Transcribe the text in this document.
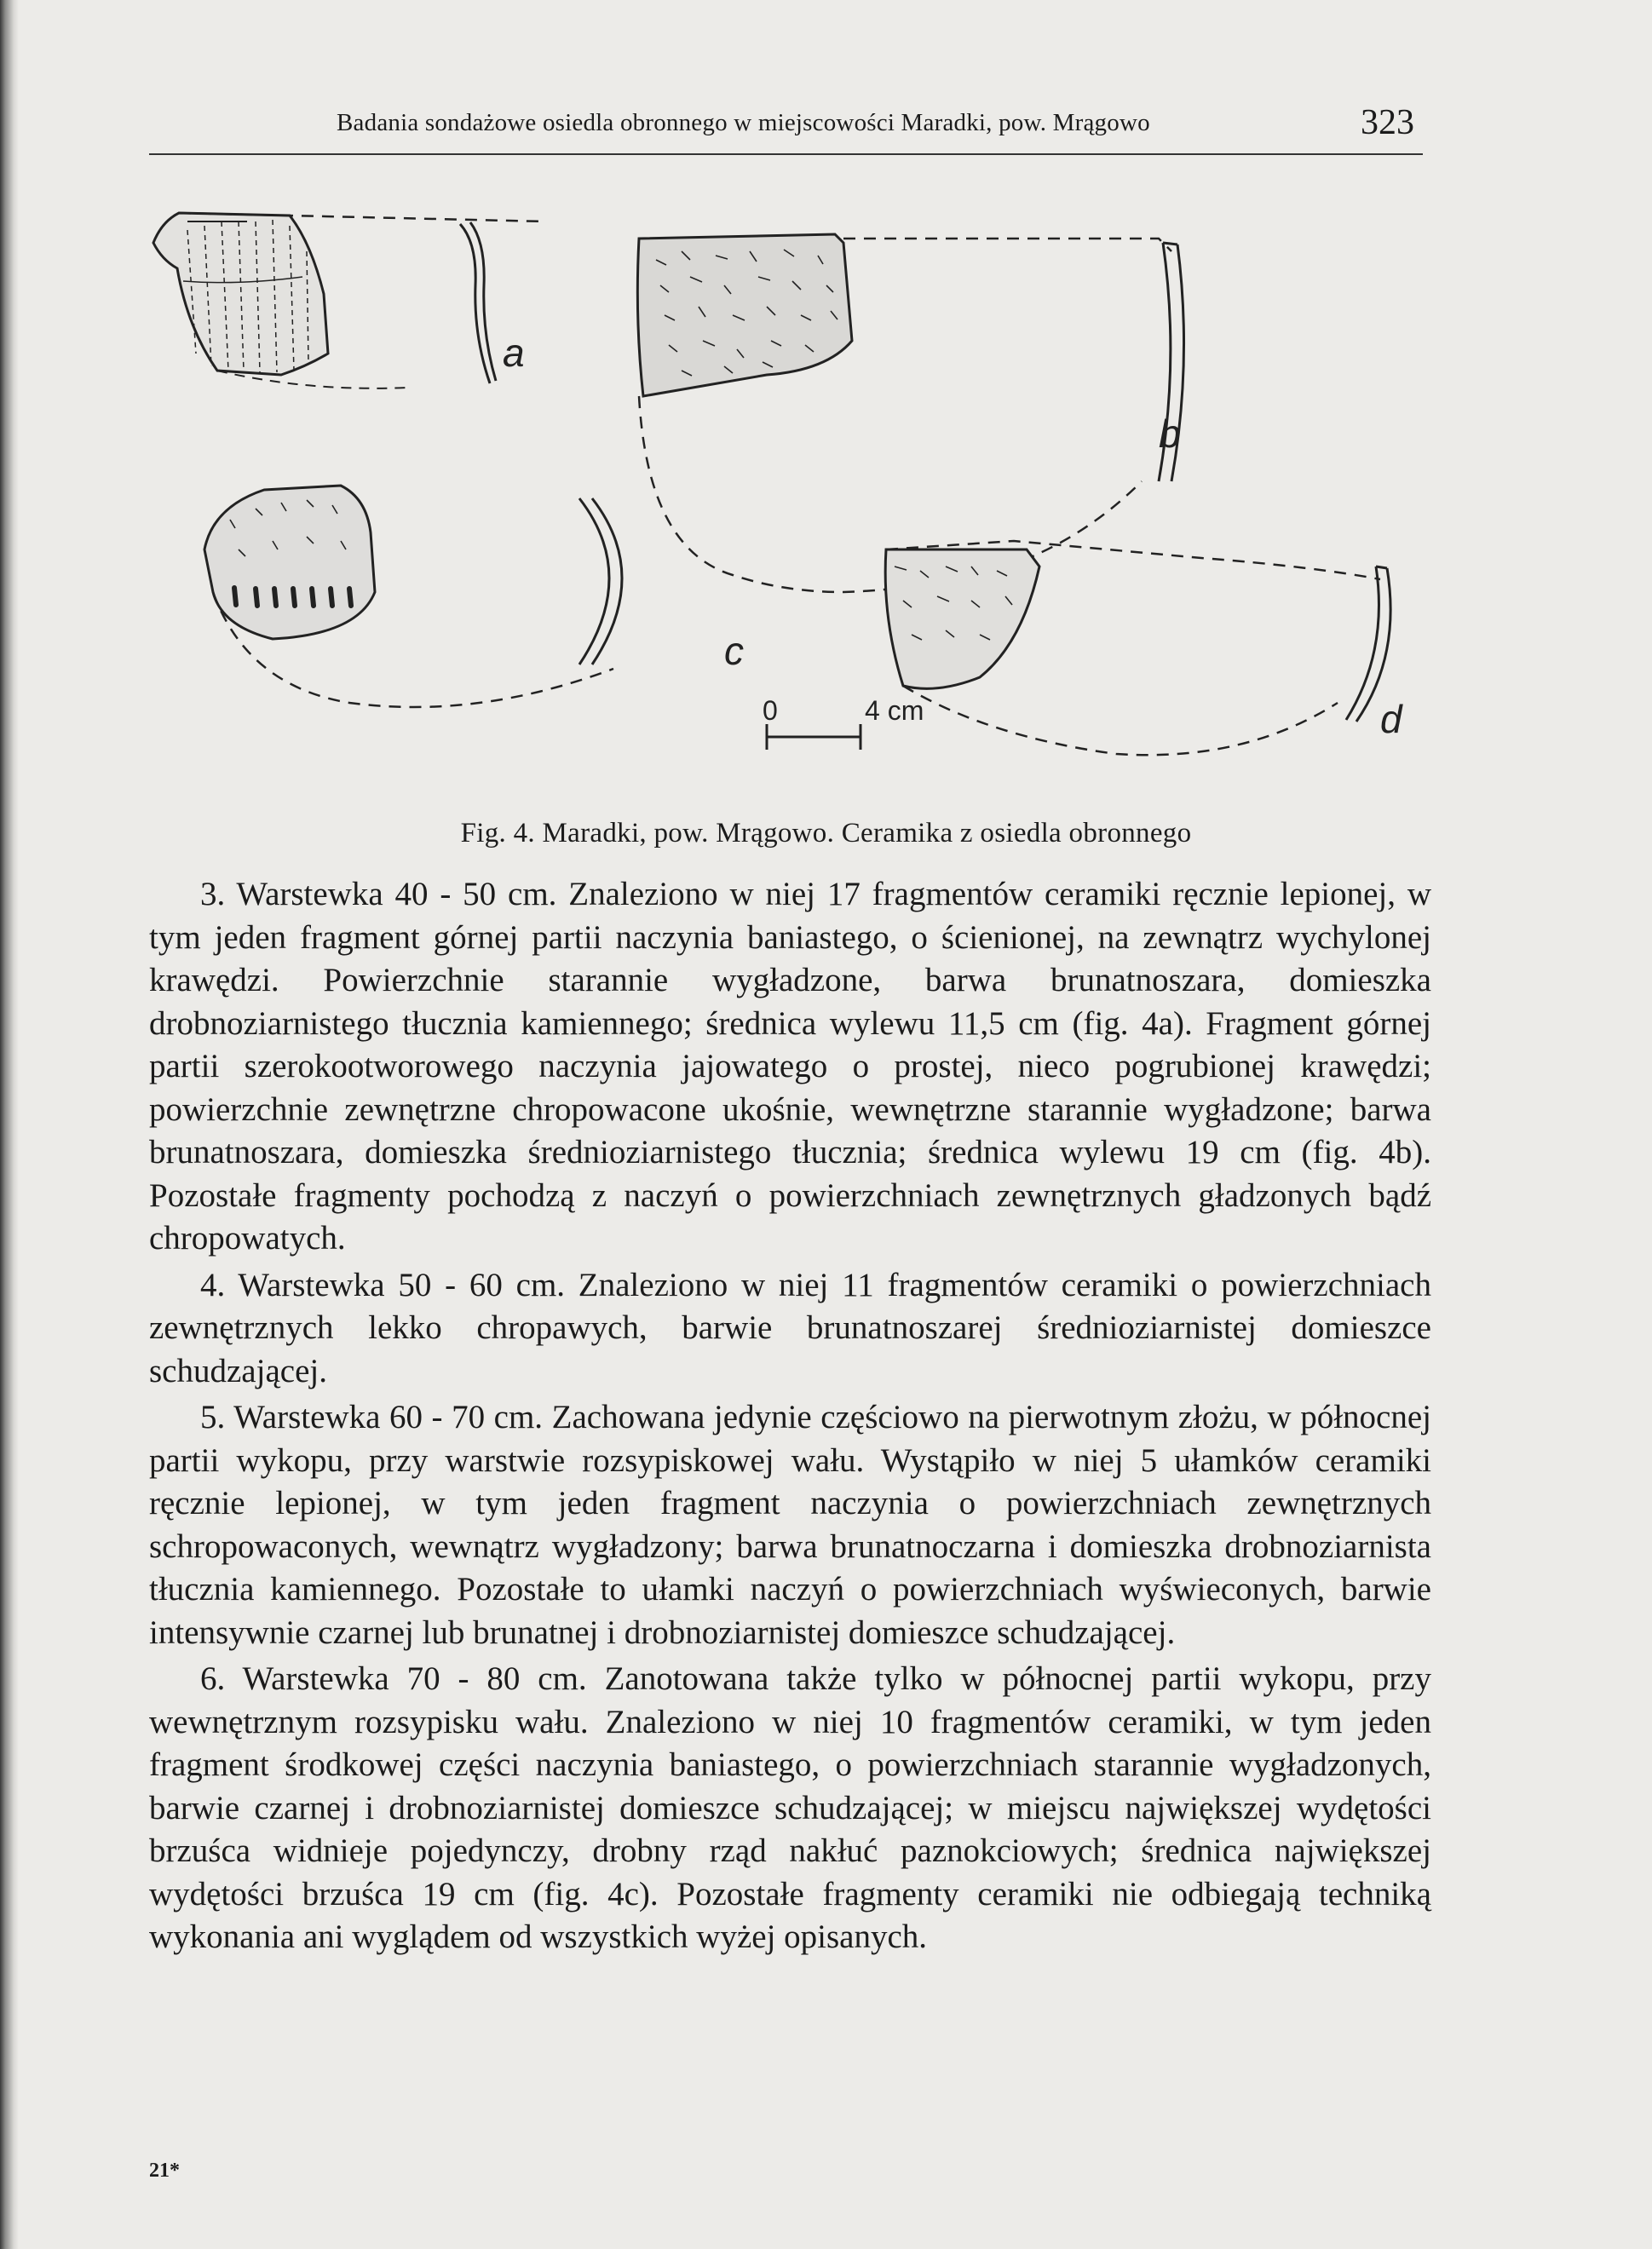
Badania sondażowe osiedla obronnego w miejscowości Maradki, pow. Mrągowo	323
0	4 cm
a
b
c
d
Fig. 4. Maradki, pow. Mrągowo. Ceramika z osiedla obronnego

3. Warstewka 40 - 50 cm. Znaleziono w niej 17 fragmentów ceramiki ręcznie lepionej, w tym jeden fragment górnej partii naczynia baniastego, o ścienionej, na zewnątrz wychylonej krawędzi. Powierzchnie starannie wygładzone, barwa brunatnoszara, domieszka drobnoziarnistego tłucznia kamiennego; średnica wylewu 11,5 cm (fig. 4a). Fragment górnej partii szerokootworowego naczynia jajowatego o prostej, nieco pogrubionej krawędzi; powierzchnie zewnętrzne chropowacone ukośnie, wewnętrzne starannie wygładzone; barwa brunatnoszara, domieszka średnioziarnistego tłucznia; średnica wylewu 19 cm (fig. 4b). Pozostałe fragmenty pochodzą z naczyń o powierzchniach zewnętrznych gładzonych bądź chropowatych.

4. Warstewka 50 - 60 cm. Znaleziono w niej 11 fragmentów ceramiki o powierzchniach zewnętrznych lekko chropawych, barwie brunatnoszarej średnioziarnistej domieszce schudzającej.

5. Warstewka 60 - 70 cm. Zachowana jedynie częściowo na pierwotnym złożu, w północnej partii wykopu, przy warstwie rozsypiskowej wału. Wystąpiło w niej 5 ułamków ceramiki ręcznie lepionej, w tym jeden fragment naczynia o powierzchniach zewnętrznych schropowaconych, wewnątrz wygładzony; barwa brunatnoczarna i domieszka drobnoziarnista tłucznia kamiennego. Pozostałe to ułamki naczyń o powierzchniach wyświeconych, barwie intensywnie czarnej lub brunatnej i drobnoziarnistej domieszce schudzającej.

6. Warstewka 70 - 80 cm. Zanotowana także tylko w północnej partii wykopu, przy wewnętrznym rozsypisku wału. Znaleziono w niej 10 fragmentów ceramiki, w tym jeden fragment środkowej części naczynia baniastego, o powierzchniach starannie wygładzonych, barwie czarnej i drobnoziarnistej domieszce schudzającej; w miejscu największej wydętości brzuśca widnieje pojedynczy, drobny rząd nakłuć paznokciowych; średnica największej wydętości brzuśca 19 cm (fig. 4c). Pozostałe fragmenty ceramiki nie odbiegają techniką wykonania ani wyglądem od wszystkich wyżej opisanych.

21*
